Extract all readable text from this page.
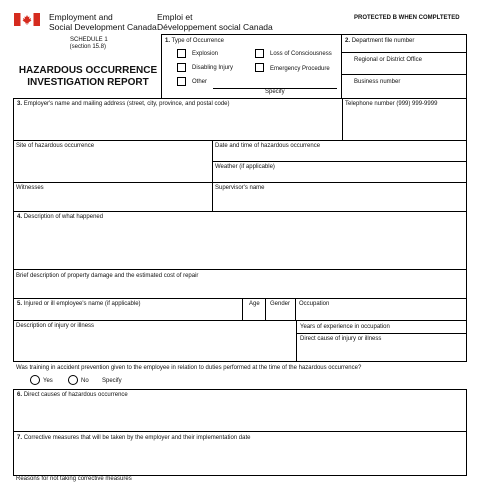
Employment and
Social Development Canada
Emploi et
Développement social Canada
PROTECTED B WHEN COMPLTETED
SCHEDULE 1
(section 15.8)
HAZARDOUS OCCURRENCE
INVESTIGATION REPORT
1. Type of Occurrence
Explosion	Loss of Consciousness
Disabling Injury	Emergency Procedure
Other
Specify
2. Department file number
Regional or District Office
Business number
3. Employer's name and mailing address (street, city, province, and postal code)	Telephone number (999) 999-9999
Site of hazardous occurrence	Date and time of hazardous occurrence
Weather (if applicable)
Witnesses	Supervisor's name
4. Description of what happened
Brief description of property damage and the estimated cost of repair
5. Injured or ill employee's name (if applicable)	Age Gender Occupation
Description of injury or illness	Years of experience in occupation
Direct cause of injury or illness
Was training in accident prevention given to the employee in relation to duties performed at the time of the hazardous occurrence?
Yes	No Specify
6. Direct causes of hazardous occurrence
7. Corrective measures that will be taken by the employer and their implementation date
Reasons for not taking corrective measures
